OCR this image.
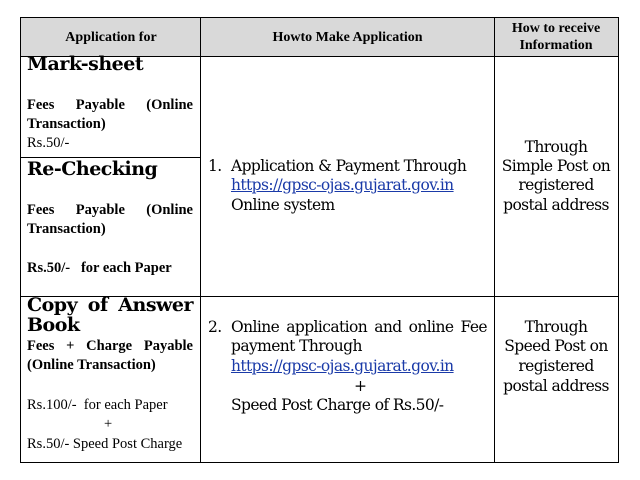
Application for	Howto Make Application
How to receive
Information
Mark-sheet
Fees Payable (Online
Transaction)
Rs.50/-
Re-Checking
Fees Payable (Online
Transaction)
Rs.50/-   for each Paper
1. Application & Payment Through
https://gpsc-ojas.gujarat.gov.in
Online system
Through
Simple Post on
registered
postal address
Copy of Answer
Book
Fees + Charge Payable
(Online Transaction)
Rs.100/-  for each Paper
+
Rs.50/- Speed Post Charge
2. Online application and online Fee
payment Through
https://gpsc-ojas.gujarat.gov.in
+
Speed Post Charge of Rs.50/-
Through
Speed Post on
registered
postal address
